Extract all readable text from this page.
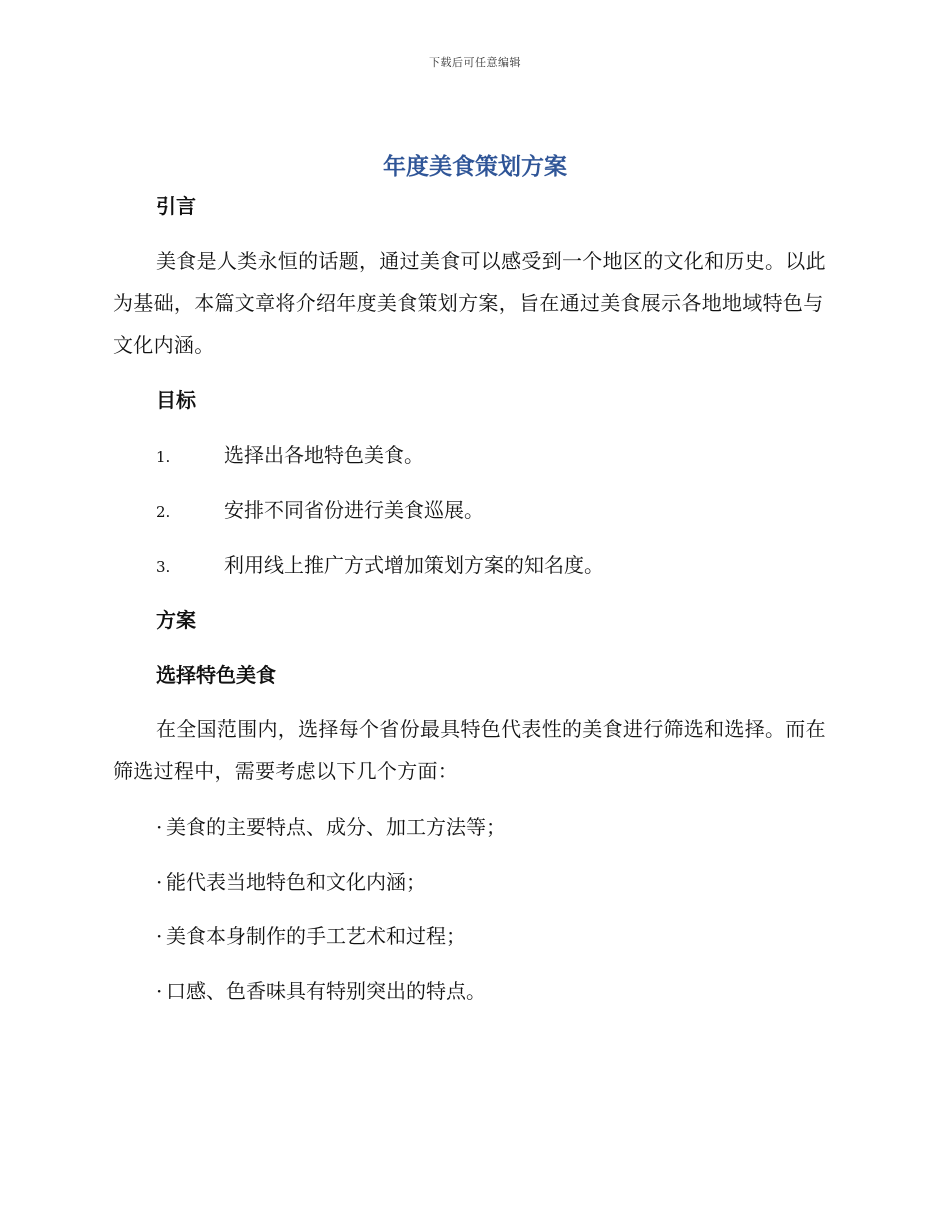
下载后可任意编辑
年度美食策划方案
引言

美食是人类永恒的话题，通过美食可以感受到一个地区的文化和历史。以此为基础，本篇文章将介绍年度美食策划方案，旨在通过美食展示各地地域特色与文化内涵。

目标
1.	选择出各地特色美食。
2.	安排不同省份进行美食巡展。
3.	利用线上推广方式增加策划方案的知名度。
方案
选择特色美食

在全国范围内，选择每个省份最具特色代表性的美食进行筛选和选择。而在筛选过程中，需要考虑以下几个方面：

· 美食的主要特点、成分、加工方法等；
· 能代表当地特色和文化内涵；
· 美食本身制作的手工艺术和过程；
· 口感、色香味具有特别突出的特点。
